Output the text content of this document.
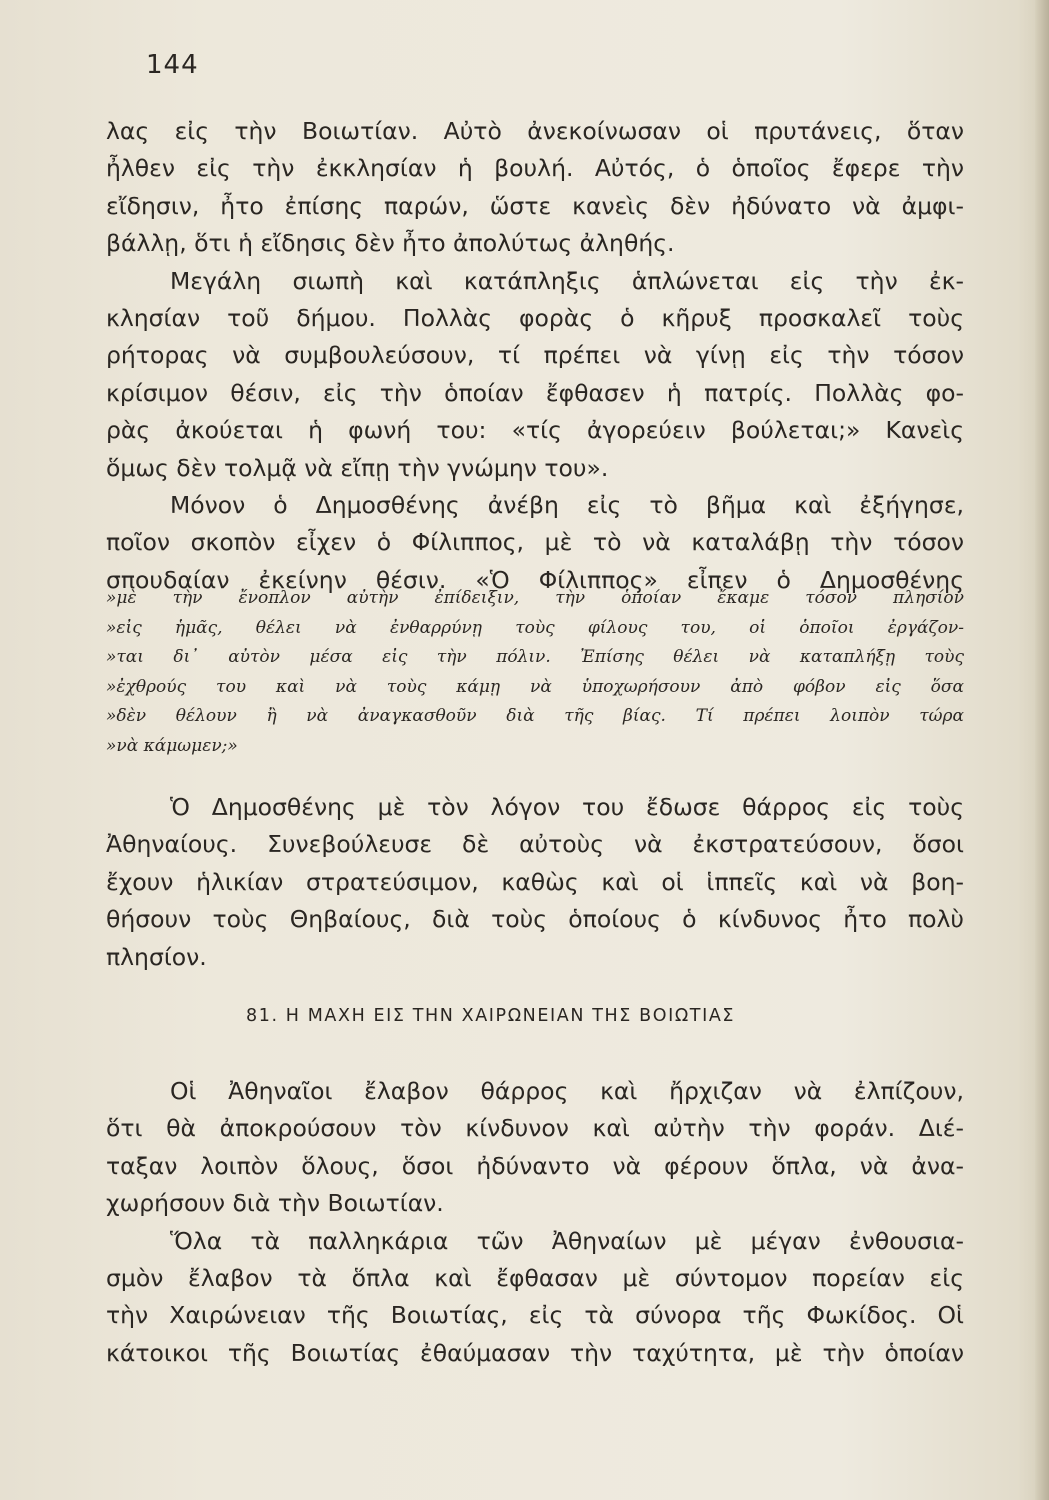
144
λας εἰς τὴν Βοιωτίαν. Αὐτὸ ἀνεκοίνωσαν οἱ πρυτάνεις, ὅταν
ἦλθεν εἰς τὴν ἐκκλησίαν ἡ βουλή. Αὐτός, ὁ ὁποῖος ἔφερε τὴν
εἴδησιν, ἦτο ἐπίσης παρών, ὥστε κανεὶς δὲν ἠδύνατο νὰ ἀμφι-
βάλλῃ, ὅτι ἡ εἴδησις δὲν ἦτο ἀπολύτως ἀληθής.
Μεγάλη σιωπὴ καὶ κατάπληξις ἁπλώνεται εἰς τὴν ἐκ-
κλησίαν τοῦ δήμου. Πολλὰς φορὰς ὁ κῆρυξ προσκαλεῖ τοὺς
ρήτορας νὰ συμβουλεύσουν, τί πρέπει νὰ γίνῃ εἰς τὴν τόσον
κρίσιμον θέσιν, εἰς τὴν ὁποίαν ἔφθασεν ἡ πατρίς. Πολλὰς φο-
ρὰς ἀκούεται ἡ φωνή του: «τίς ἀγορεύειν βούλεται;» Κανεὶς
ὅμως δὲν τολμᾷ νὰ εἴπῃ τὴν γνώμην του».
Μόνον ὁ Δημοσθένης ἀνέβη εἰς τὸ βῆμα καὶ ἐξήγησε,
ποῖον σκοπὸν εἶχεν ὁ Φίλιππος, μὲ τὸ νὰ καταλάβῃ τὴν τόσον
σπουδαίαν ἐκείνην θέσιν. «Ὁ Φίλιππος» εἶπεν ὁ Δημοσθένης
»μὲ τὴν ἔνοπλον αὐτὴν ἐπίδειξιν, τὴν ὁποίαν ἔκαμε τόσον πλησίον
»εἰς ἡμᾶς, θέλει νὰ ἐνθαρρύνῃ τοὺς φίλους του, οἱ ὁποῖοι ἐργάζον-
»ται δι᾽ αὐτὸν μέσα εἰς τὴν πόλιν. Ἐπίσης θέλει νὰ καταπλήξῃ τοὺς
»ἐχθρούς του καὶ νὰ τοὺς κάμῃ νὰ ὑποχωρήσουν ἀπὸ φόβον εἰς ὅσα
»δὲν θέλουν ἢ νὰ ἀναγκασθοῦν διὰ τῆς βίας. Τί πρέπει λοιπὸν τώρα
»νὰ κάμωμεν;»
Ὁ Δημοσθένης μὲ τὸν λόγον του ἔδωσε θάρρος εἰς τοὺς
Ἀθηναίους. Συνεβούλευσε δὲ αὐτοὺς νὰ ἐκστρατεύσουν, ὅσοι
ἔχουν ἡλικίαν στρατεύσιμον, καθὼς καὶ οἱ ἱππεῖς καὶ νὰ βοη-
θήσουν τοὺς Θηβαίους, διὰ τοὺς ὁποίους ὁ κίνδυνος ἦτο πολὺ
πλησίον.
81. Η ΜΑΧΗ ΕΙΣ ΤΗΝ ΧΑΙΡΩΝΕΙΑΝ ΤΗΣ ΒΟΙΩΤΙΑΣ
Οἱ Ἀθηναῖοι ἔλαβον θάρρος καὶ ἤρχιζαν νὰ ἐλπίζουν,
ὅτι θὰ ἀποκρούσουν τὸν κίνδυνον καὶ αὐτὴν τὴν φοράν. Διέ-
ταξαν λοιπὸν ὅλους, ὅσοι ἠδύναντο νὰ φέρουν ὅπλα, νὰ ἀνα-
χωρήσουν διὰ τὴν Βοιωτίαν.
Ὅλα τὰ παλληκάρια τῶν Ἀθηναίων μὲ μέγαν ἐνθουσια-
σμὸν ἔλαβον τὰ ὅπλα καὶ ἔφθασαν μὲ σύντομον πορείαν εἰς
τὴν Χαιρώνειαν τῆς Βοιωτίας, εἰς τὰ σύνορα τῆς Φωκίδος. Οἱ
κάτοικοι τῆς Βοιωτίας ἐθαύμασαν τὴν ταχύτητα, μὲ τὴν ὁποίαν
